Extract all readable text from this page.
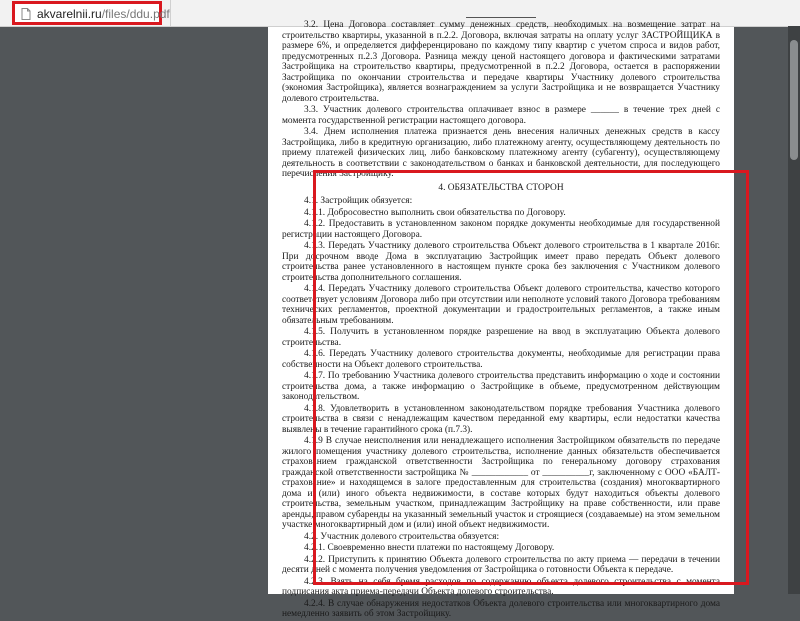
akvarelnii.ru/files/ddu.pdf

3.2. Цена Договора составляет сумму денежных средств, необходимых на возмещение затрат на строительство квартиры, указанной в п.2.2. Договора, включая затраты на оплату услуг ЗАСТРОЙЩИКА в размере 6%, и определяется дифференцировано по каждому типу квартир с учетом спроса и видов работ, предусмотренных п.2.3 Договора. Разница между ценой настоящего договора и фактическими затратами Застройщика на строительство квартиры, предусмотренной в п.2.2 Договора, остается в распоряжении Застройщика по окончании строительства и передаче квартиры Участнику долевого строительства (экономия Застройщика), является вознаграждением за услуги Застройщика и не возвращается Участнику долевого строительства.

3.3. Участник долевого строительства оплачивает взнос в размере ______ в течение трех дней с момента государственной регистрации настоящего договора.

3.4. Днем исполнения платежа признается день внесения наличных денежных средств в кассу Застройщика, либо в кредитную организацию, либо платежному агенту, осуществляющему деятельность по приему платежей физических лиц, либо банковскому платежному агенту (субагенту), осуществляющему деятельность в соответствии с законодательством о банках и банковской деятельности, для последующего перечисления Застройщику.

4. ОБЯЗАТЕЛЬСТВА СТОРОН

4.1. Застройщик обязуется:

4.1.1. Добросовестно выполнить свои обязательства по Договору.

4.1.2. Предоставить в установленном законом порядке документы необходимые для государственной регистрации настоящего Договора.

4.1.3. Передать Участнику долевого строительства Объект долевого строительства в 1 квартале 2016г. При досрочном вводе Дома в эксплуатацию Застройщик имеет право передать Объект долевого строительства ранее установленного в настоящем пункте срока без заключения с Участником долевого строительства дополнительного соглашения.

4.1.4. Передать Участнику долевого строительства Объект долевого строительства, качество которого соответствует условиям Договора либо при отсутствии или неполноте условий такого Договора требованиям технических регламентов, проектной документации и градостроительных регламентов, а также иным обязательным требованиям.

4.1.5. Получить в установленном порядке разрешение на ввод в эксплуатацию Объекта долевого строительства.

4.1.6. Передать Участнику долевого строительства документы, необходимые для регистрации права собственности на Объект долевого строительства.

4.1.7. По требованию Участника долевого строительства представить информацию о ходе и состоянии строительства дома, а также информацию о Застройщике в объеме, предусмотренном действующим законодательством.

4.1.8. Удовлетворить в установленном законодательством порядке требования Участника долевого строительства в связи с ненадлежащим качеством переданной ему квартиры, если недостатки качества выявлены в течение гарантийного срока (п.7.3).

4.1.9 В случае неисполнения или ненадлежащего исполнения Застройщиком обязательств по передаче жилого помещения участнику долевого строительства, исполнение данных обязательств обеспечивается страхованием гражданской ответственности Застройщика по генеральному договору страхования гражданской ответственности застройщика № ____________ от __________г, заключенному с ООО «БАЛТ-страхование» и находящемся в залоге предоставленным для строительства (создания) многоквартирного дома и (или) иного объекта недвижимости, в составе которых будут находиться объекты долевого строительства, земельным участком, принадлежащим Застройщику на праве собственности, или праве аренды, правом субаренды на указанный земельный участок и строящиеся (создаваемые) на этом земельном участке многоквартирный дом и (или) иной объект недвижимости.

4.2. Участник долевого строительства обязуется:

4.2.1. Своевременно внести платежи по настоящему Договору.

4.2.2. Приступить к принятию Объекта долевого строительства по акту приема — передачи в течении десяти дней с момента получения уведомления от Застройщика о готовности Объекта к передаче.

4.2.3. Взять на себя бремя расходов по содержанию объекта долевого строительства с момента подписания акта приема-передачи Объекта долевого строительства.

4.2.4. В случае обнаружения недостатков Объекта долевого строительства или многоквартирного дома немедленно заявить об этом Застройщику.
